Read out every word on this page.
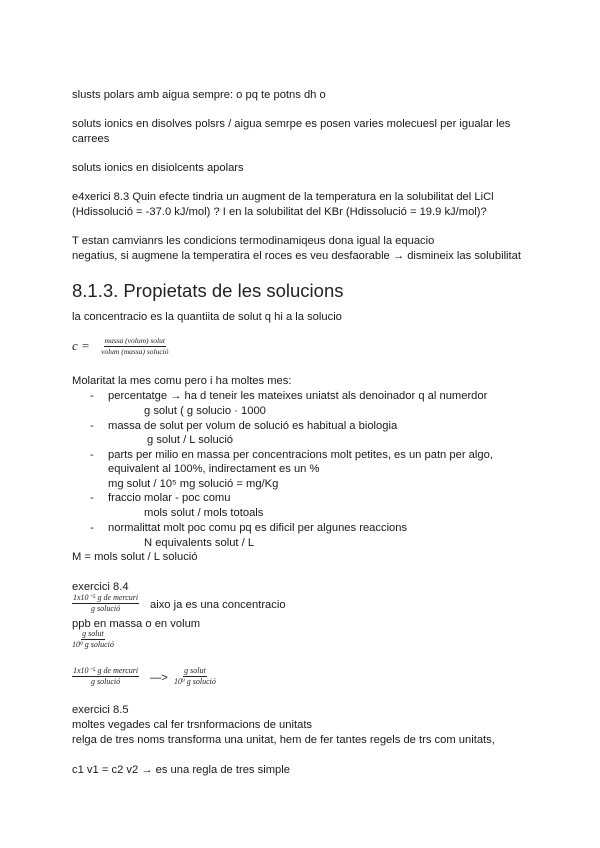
slusts polars amb aigua sempre: o pq te potns dh o
soluts ionics en disolves polsrs / aigua semrpe es posen varies molecuesl per igualar les
carrees
soluts ionics en disiolcents apolars
e4xerici 8.3 Quin efecte tindria un augment de la temperatura en la solubilitat del LiCl
(Hdissolució = -37.0 kJ/mol) ? I en la solubilitat del KBr (Hdissolució = 19.9 kJ/mol)?
T estan camvianrs les condicions termodinamiqeus dona igual la equacio
negatius, si augmene la temperatira el roces es veu desfaorable → dismineix las solubilitat
8.1.3. Propietats de les solucions
la concentracio es la quantiita de solut q hi a la solucio
c = massa (volum) solut
volum (massa) solució
Molaritat la mes comu pero i ha moltes mes:
- percentatge → ha d teneir les mateixes uniatst als denoinador q al numerdor
g solut ( g solucio · 1000
- massa de solut per volum de solució es habitual a biologia
g solut / L solució
- parts per milio en massa per concentracions molt petites, es un patn per algo,
equivalent al 100%, indirectament es un %
mg solut / 10⁵ mg solució = mg/Kg
- fraccio molar - poc comu
mols solut / mols totoals
- normalittat molt poc comu pq es dificil per algunes reaccions
N equivalents solut / L
M = mols solut / L solució
exercici 8.4
1x10⁻⁵ g de mercuri
g solució	aixo ja es una concentracio
ppb en massa o en volum
g solut
10⁹ g solució
1x10⁻⁵ g de mercuri
g solució	—>
g solut
10⁹ g solució
exercici 8.5
moltes vegades cal fer trsnformacions de unitats
relga de tres noms transforma una unitat, hem de fer tantes regels de trs com unitats,
c1 v1 = c2 v2 → es una regla de tres simple
